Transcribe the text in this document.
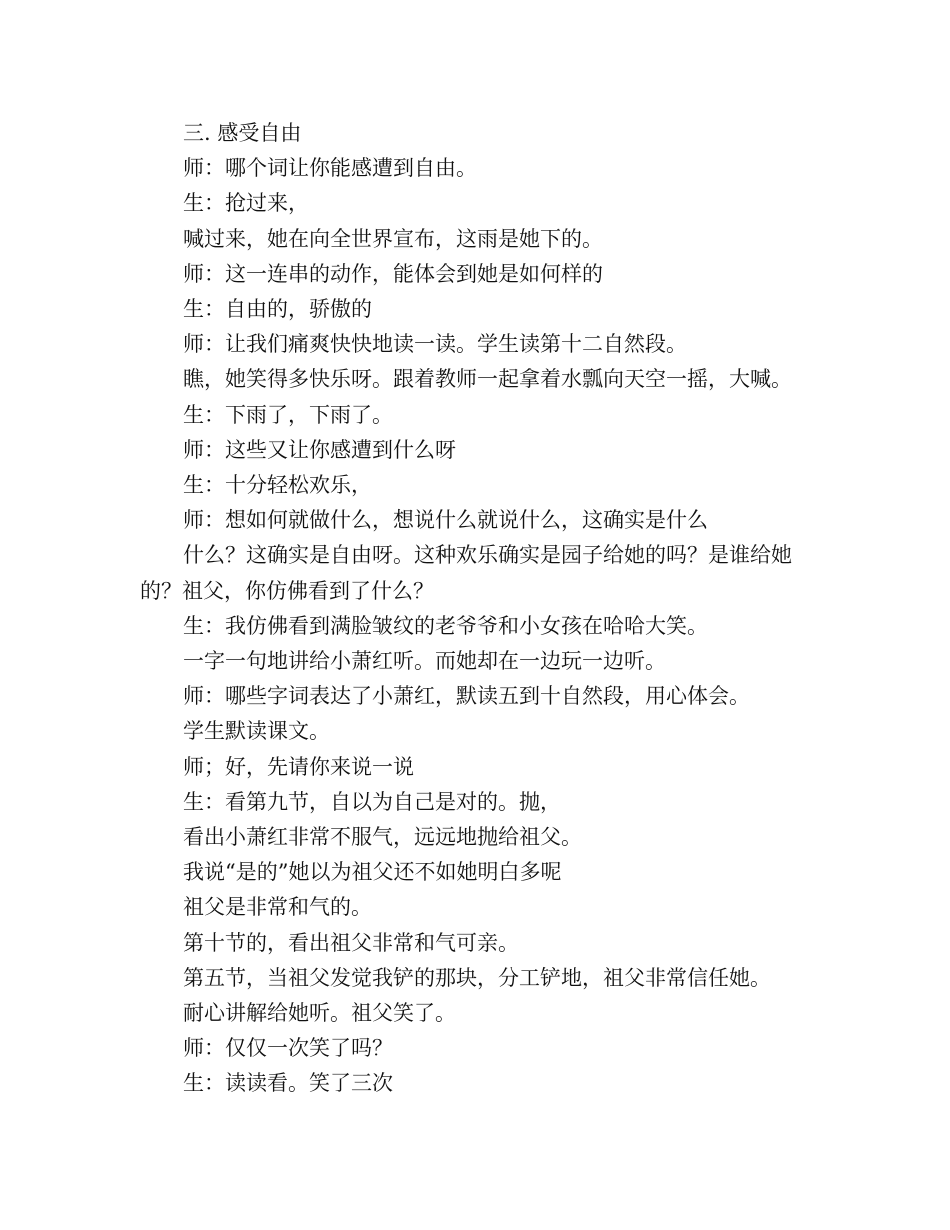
三. 感受自由

师：哪个词让你能感遭到自由。

生：抢过来，

喊过来，她在向全世界宣布，这雨是她下的。

师：这一连串的动作，能体会到她是如何样的

生：自由的，骄傲的

师：让我们痛爽快快地读一读。学生读第十二自然段。

瞧，她笑得多快乐呀。跟着教师一起拿着水瓢向天空一摇，大喊。

生：下雨了，下雨了。

师：这些又让你感遭到什么呀

生：十分轻松欢乐，

师：想如何就做什么，想说什么就说什么，这确实是什么

什么？这确实是自由呀。这种欢乐确实是园子给她的吗？是谁给她的？祖父，你仿佛看到了什么？

生：我仿佛看到满脸皱纹的老爷爷和小女孩在哈哈大笑。

一字一句地讲给小萧红听。而她却在一边玩一边听。

师：哪些字词表达了小萧红，默读五到十自然段，用心体会。

学生默读课文。

师；好，先请你来说一说

生：看第九节，自以为自己是对的。抛，

看出小萧红非常不服气，远远地抛给祖父。

我说“是的”她以为祖父还不如她明白多呢

祖父是非常和气的。

第十节的，看出祖父非常和气可亲。

第五节，当祖父发觉我铲的那块，分工铲地，祖父非常信任她。

耐心讲解给她听。祖父笑了。

师：仅仅一次笑了吗？

生：读读看。笑了三次
